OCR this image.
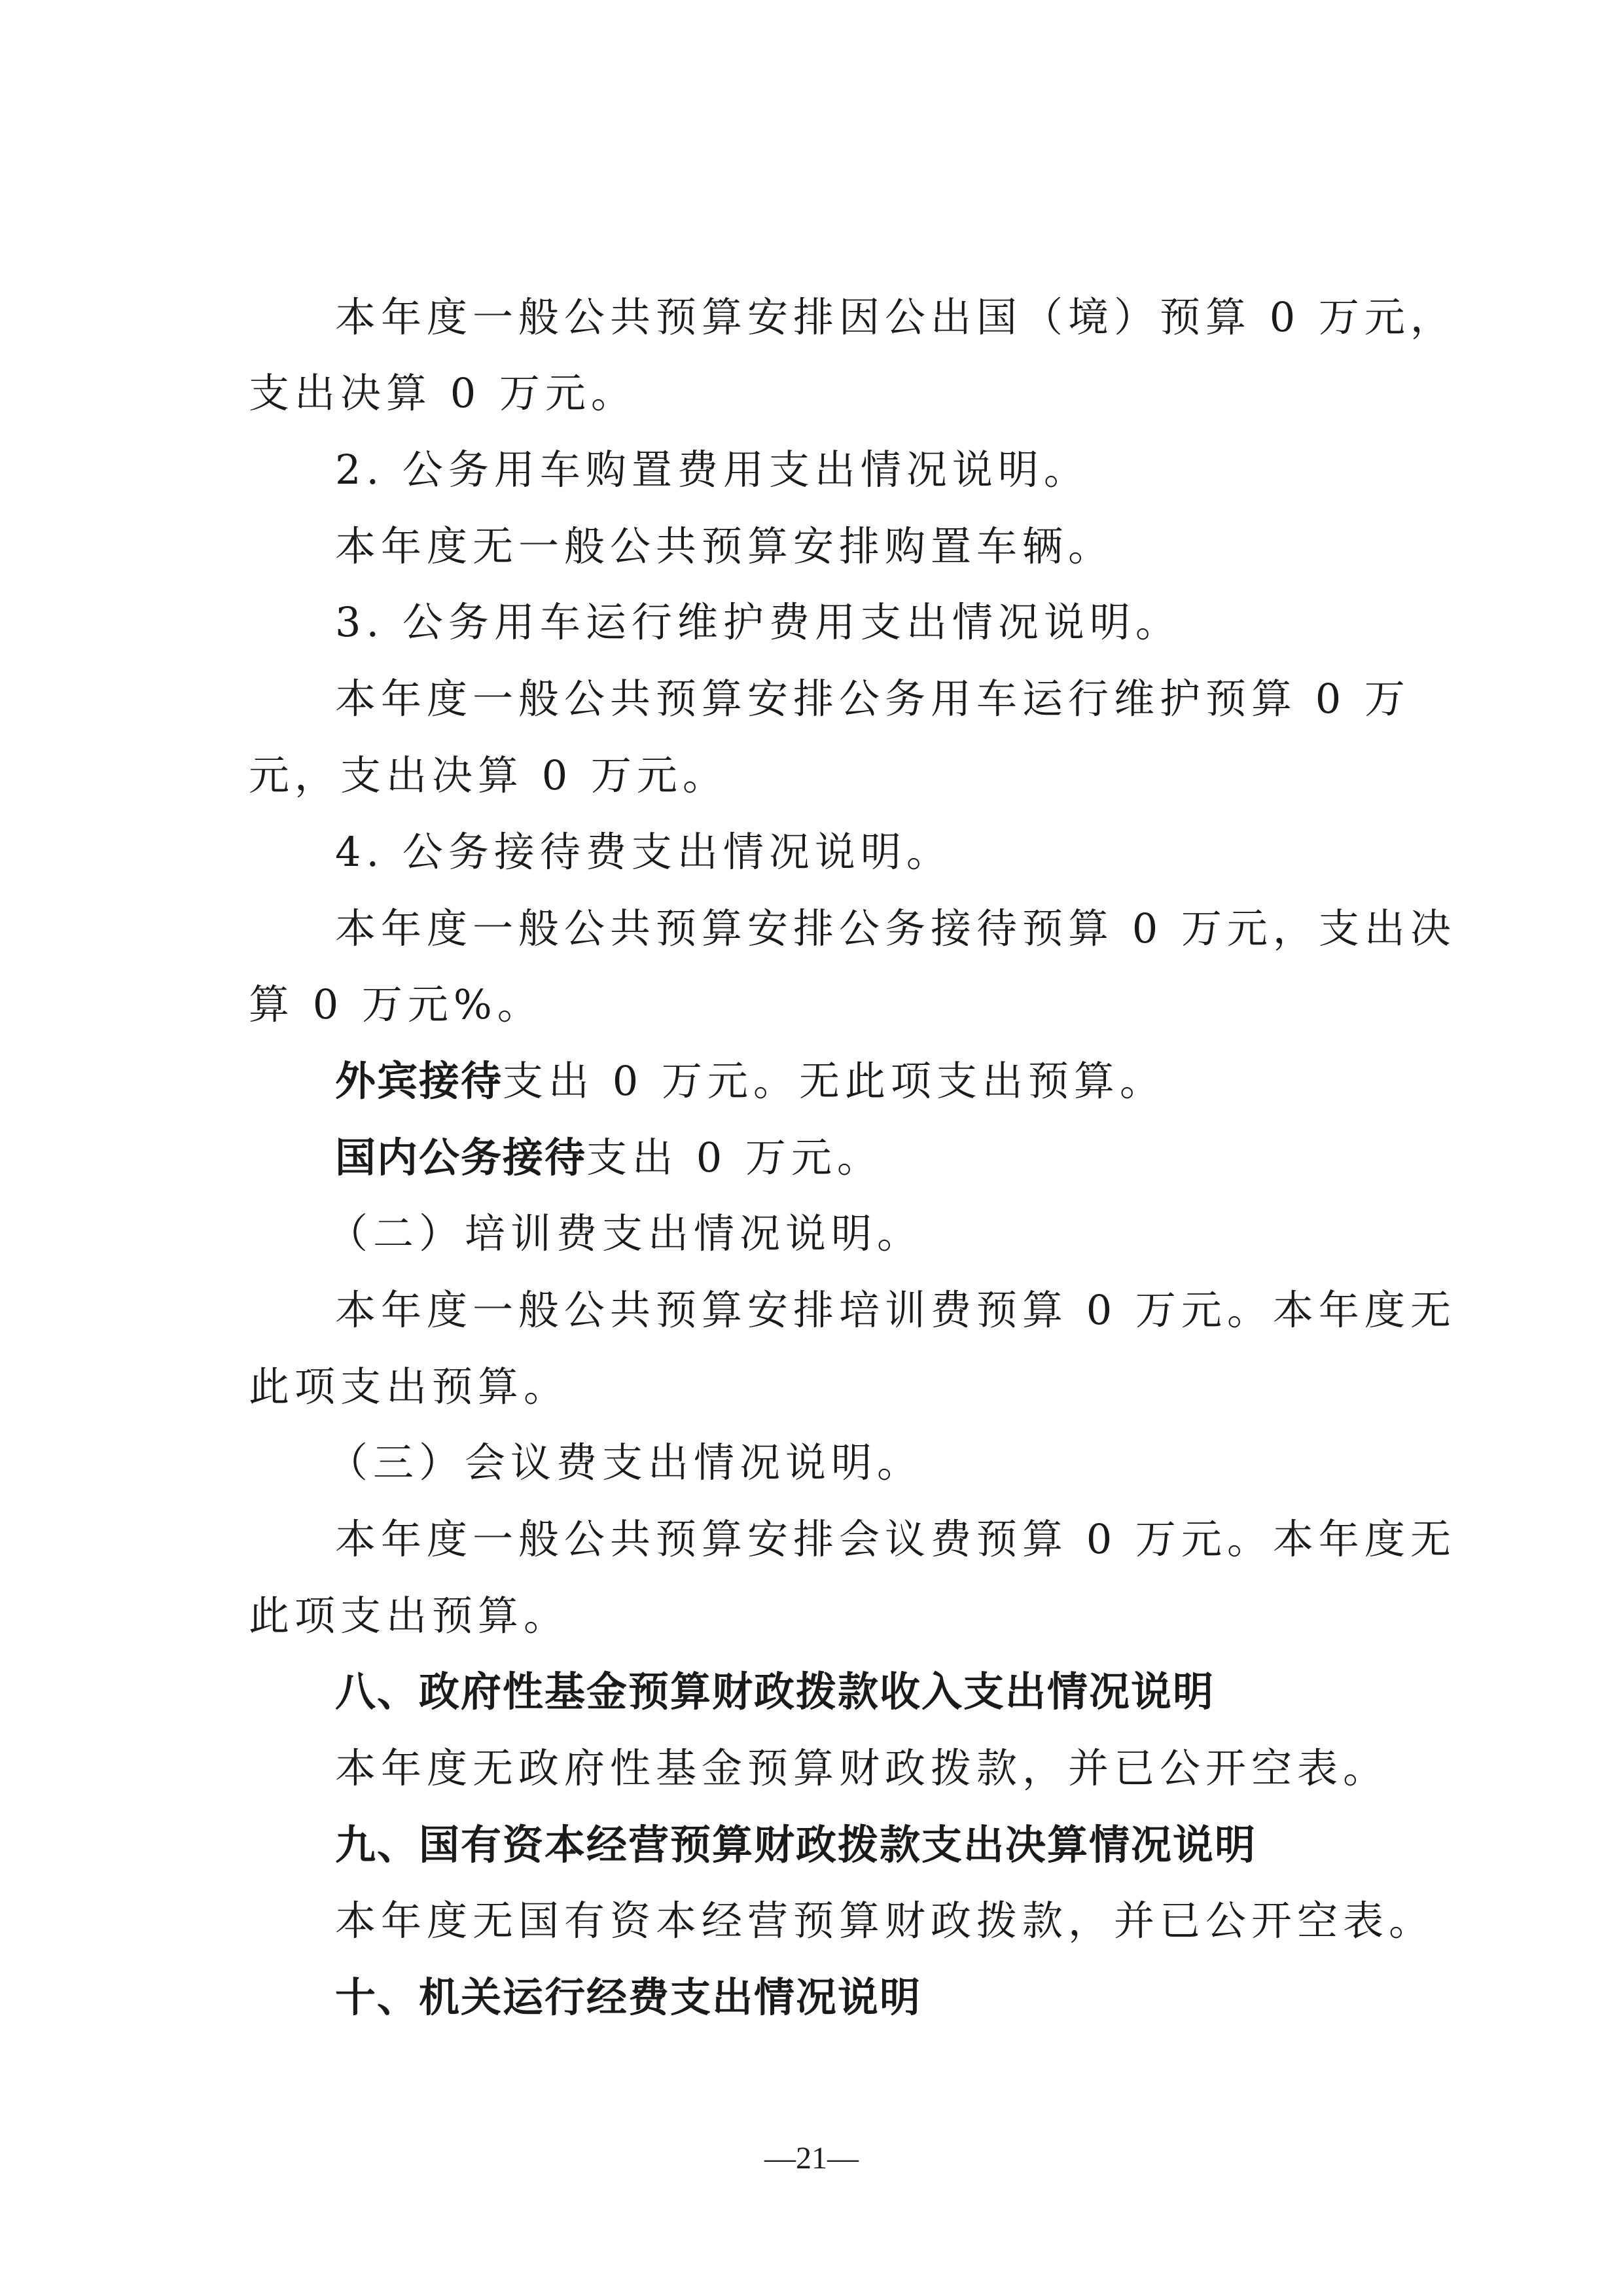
本年度一般公共预算安排因公出国（境）预算 0 万元，
支出决算 0 万元。
2. 公务用车购置费用支出情况说明。
本年度无一般公共预算安排购置车辆。
3. 公务用车运行维护费用支出情况说明。
本年度一般公共预算安排公务用车运行维护预算 0 万
元，支出决算 0 万元。
4. 公务接待费支出情况说明。
本年度一般公共预算安排公务接待预算 0 万元，支出决
算 0 万元%。
外宾接待支出 0 万元。无此项支出预算。
国内公务接待支出 0 万元。
（二）培训费支出情况说明。
本年度一般公共预算安排培训费预算 0 万元。本年度无
此项支出预算。
（三）会议费支出情况说明。
本年度一般公共预算安排会议费预算 0 万元。本年度无
此项支出预算。
八、政府性基金预算财政拨款收入支出情况说明
本年度无政府性基金预算财政拨款，并已公开空表。
九、国有资本经营预算财政拨款支出决算情况说明
本年度无国有资本经营预算财政拨款，并已公开空表。
十、机关运行经费支出情况说明
—21—
